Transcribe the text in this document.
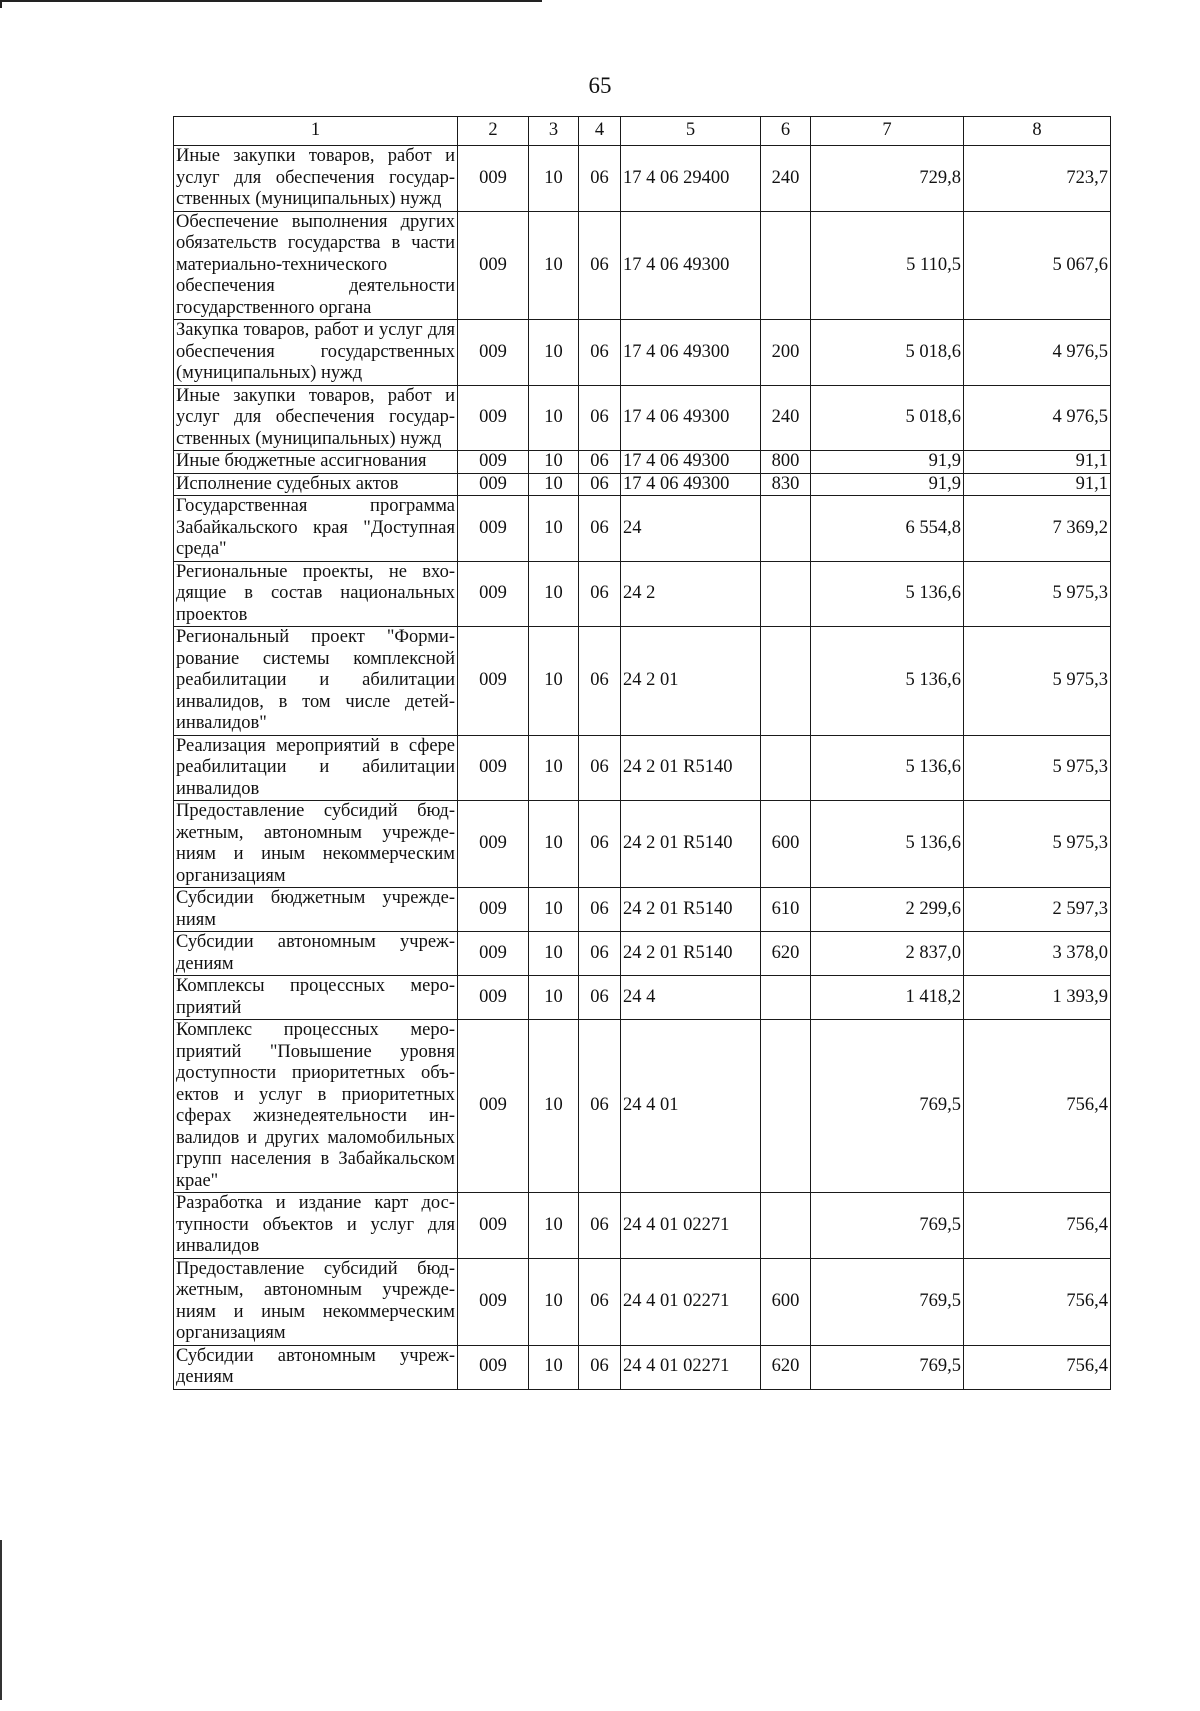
65
1	2	3	4	5	6	7	8
Иные закупки товаров, работ и услуг для обеспечения государственных (муниципальных) нужд	009	10	06	17 4 06 29400	240	729,8	723,7
Обеспечение выполнения других обязательств государства в части материально-технического обеспечения деятельности государственного органа	009	10	06	17 4 06 49300		5 110,5	5 067,6
Закупка товаров, работ и услуг для обеспечения государственных (муниципальных) нужд	009	10	06	17 4 06 49300	200	5 018,6	4 976,5
Иные закупки товаров, работ и услуг для обеспечения государственных (муниципальных) нужд	009	10	06	17 4 06 49300	240	5 018,6	4 976,5
Иные бюджетные ассигнования	009	10	06	17 4 06 49300	800	91,9	91,1
Исполнение судебных актов	009	10	06	17 4 06 49300	830	91,9	91,1
Государственная программа Забайкальского края "Доступная среда"	009	10	06	24		6 554,8	7 369,2
Региональные проекты, не входящие в состав национальных проектов	009	10	06	24 2		5 136,6	5 975,3
Региональный проект "Формирование системы комплексной реабилитации и абилитации инвалидов, в том числе детей-инвалидов"	009	10	06	24 2 01		5 136,6	5 975,3
Реализация мероприятий в сфере реабилитации и абилитации инвалидов	009	10	06	24 2 01 R5140		5 136,6	5 975,3
Предоставление субсидий бюджетным, автономным учреждениям и иным некоммерческим организациям	009	10	06	24 2 01 R5140	600	5 136,6	5 975,3
Субсидии бюджетным учреждениям	009	10	06	24 2 01 R5140	610	2 299,6	2 597,3
Субсидии автономным учреждениям	009	10	06	24 2 01 R5140	620	2 837,0	3 378,0
Комплексы процессных мероприятий	009	10	06	24 4		1 418,2	1 393,9
Комплекс процессных мероприятий "Повышение уровня доступности приоритетных объектов и услуг в приоритетных сферах жизнедеятельности инвалидов и других маломобильных групп населения в Забайкальском крае"	009	10	06	24 4 01		769,5	756,4
Разработка и издание карт доступности объектов и услуг для инвалидов	009	10	06	24 4 01 02271		769,5	756,4
Предоставление субсидий бюджетным, автономным учреждениям и иным некоммерческим организациям	009	10	06	24 4 01 02271	600	769,5	756,4
Субсидии автономным учреждениям	009	10	06	24 4 01 02271	620	769,5	756,4
